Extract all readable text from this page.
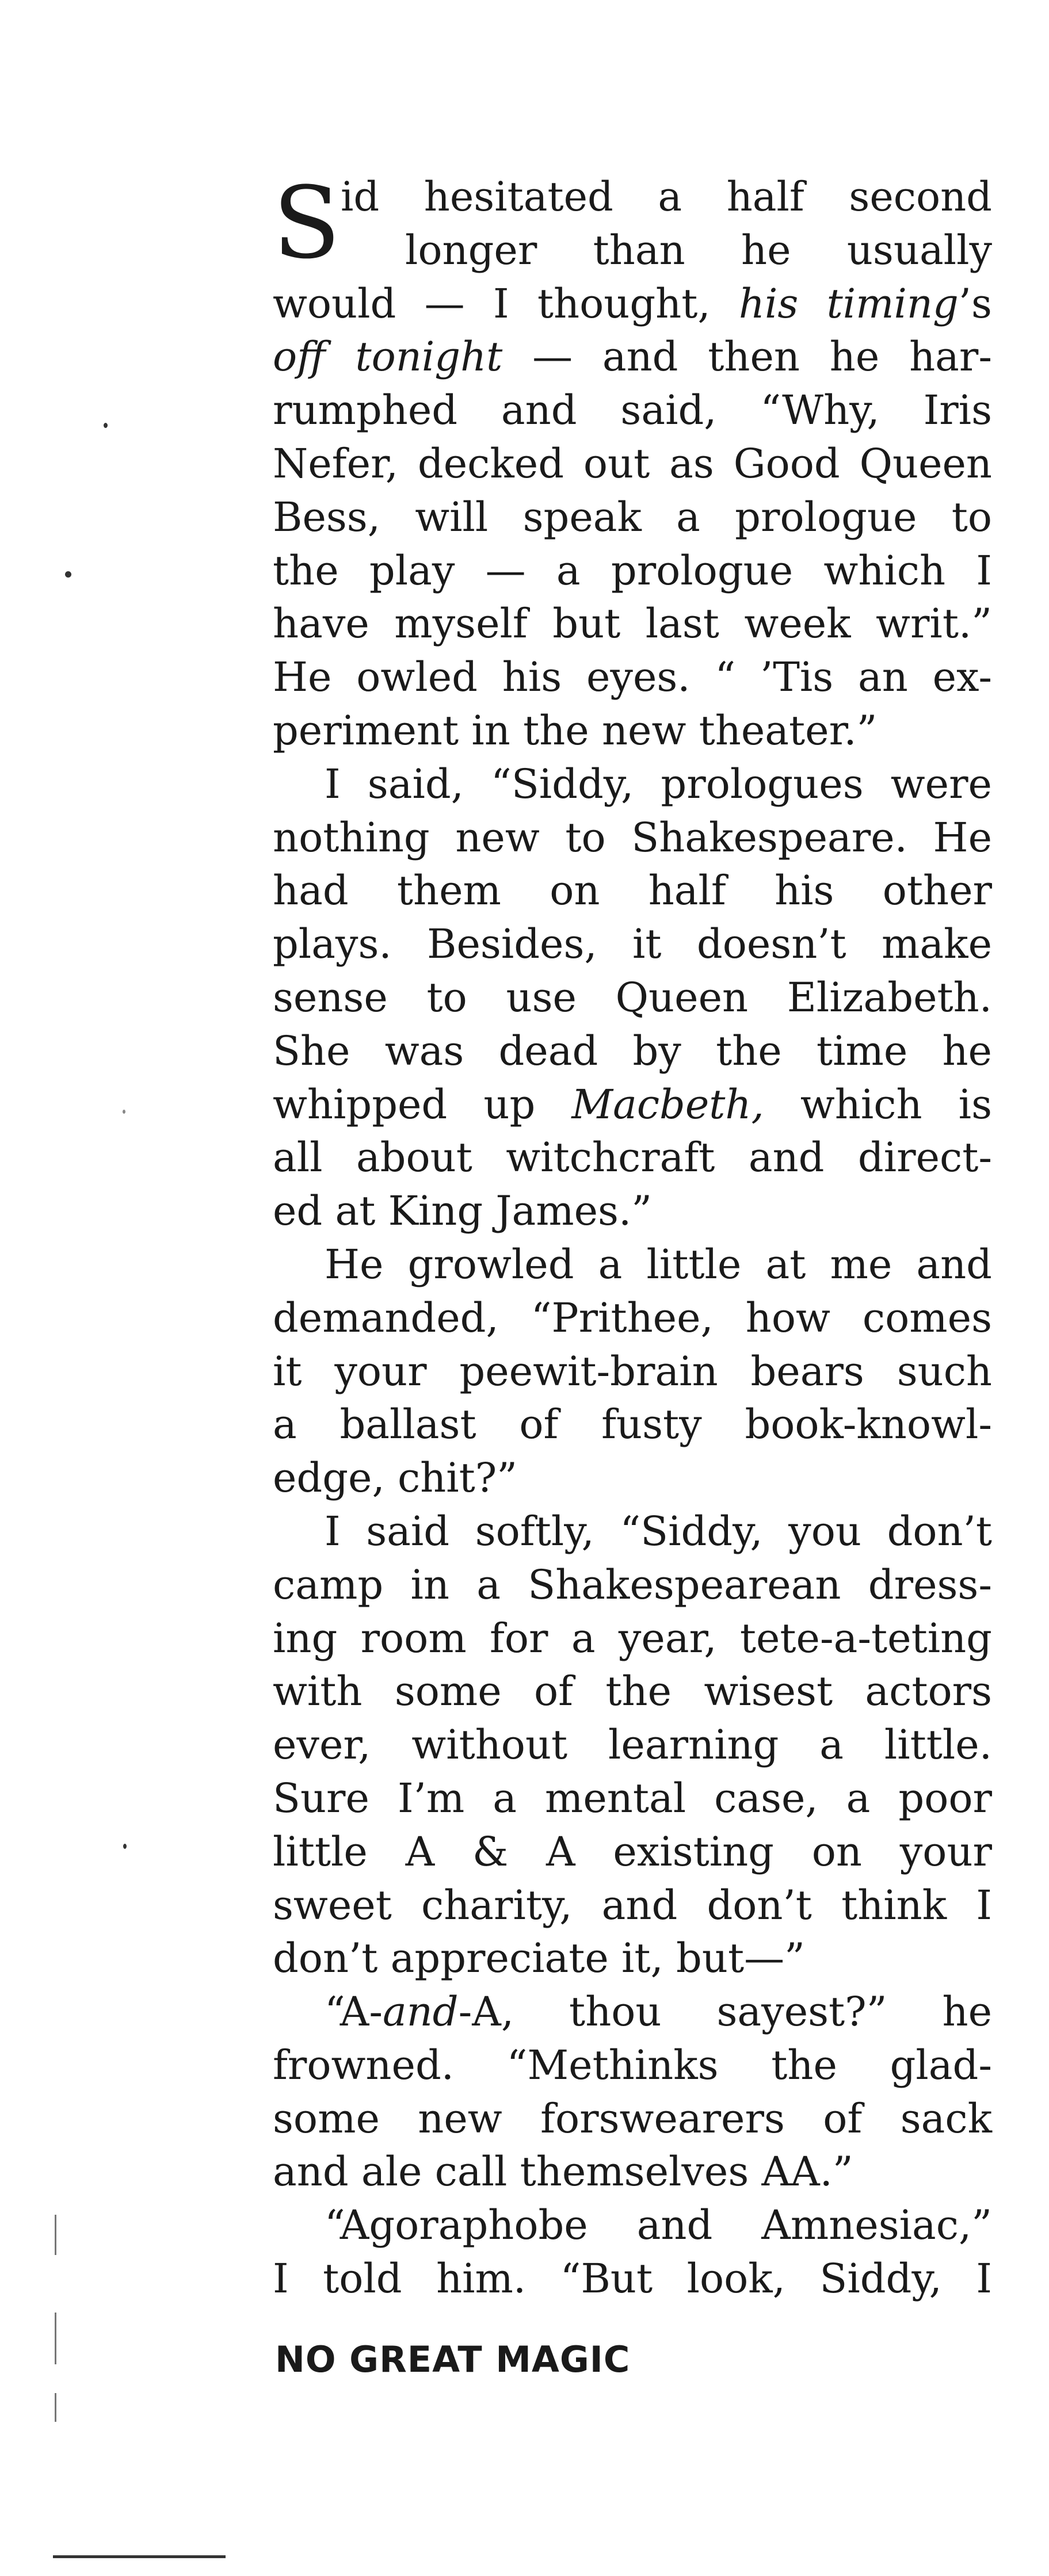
S id hesitated a half second
longer than he usually
would — I thought, his timing’s
off tonight — and then he har-
rumphed and said, “Why, Iris
Nefer, decked out as Good Queen
Bess, will speak a prologue to
the play — a prologue which I
have myself but last week writ.”
He owled his eyes. “ ’Tis an ex-
periment in the new theater.”
I said, “Siddy, prologues were
nothing new to Shakespeare. He
had them on half his other
plays. Besides, it doesn’t make
sense to use Queen Elizabeth.
She was dead by the time he
whipped up Macbeth, which is
all about witchcraft and direct-
ed at King James.”
He growled a little at me and
demanded, “Prithee, how comes
it your peewit-brain bears such
a ballast of fusty book-knowl-
edge, chit?”
I said softly, “Siddy, you don’t
camp in a Shakespearean dress-
ing room for a year, tete-a-teting
with some of the wisest actors
ever, without learning a little.
Sure I’m a mental case, a poor
little A & A existing on your
sweet charity, and don’t think I
don’t appreciate it, but—”
“A-and-A, thou sayest?” he
frowned. “Methinks the glad-
some new forswearers of sack
and ale call themselves AA.”
“Agoraphobe and Amnesiac,”
I told him. “But look, Siddy, I
NO GREAT MAGIC
